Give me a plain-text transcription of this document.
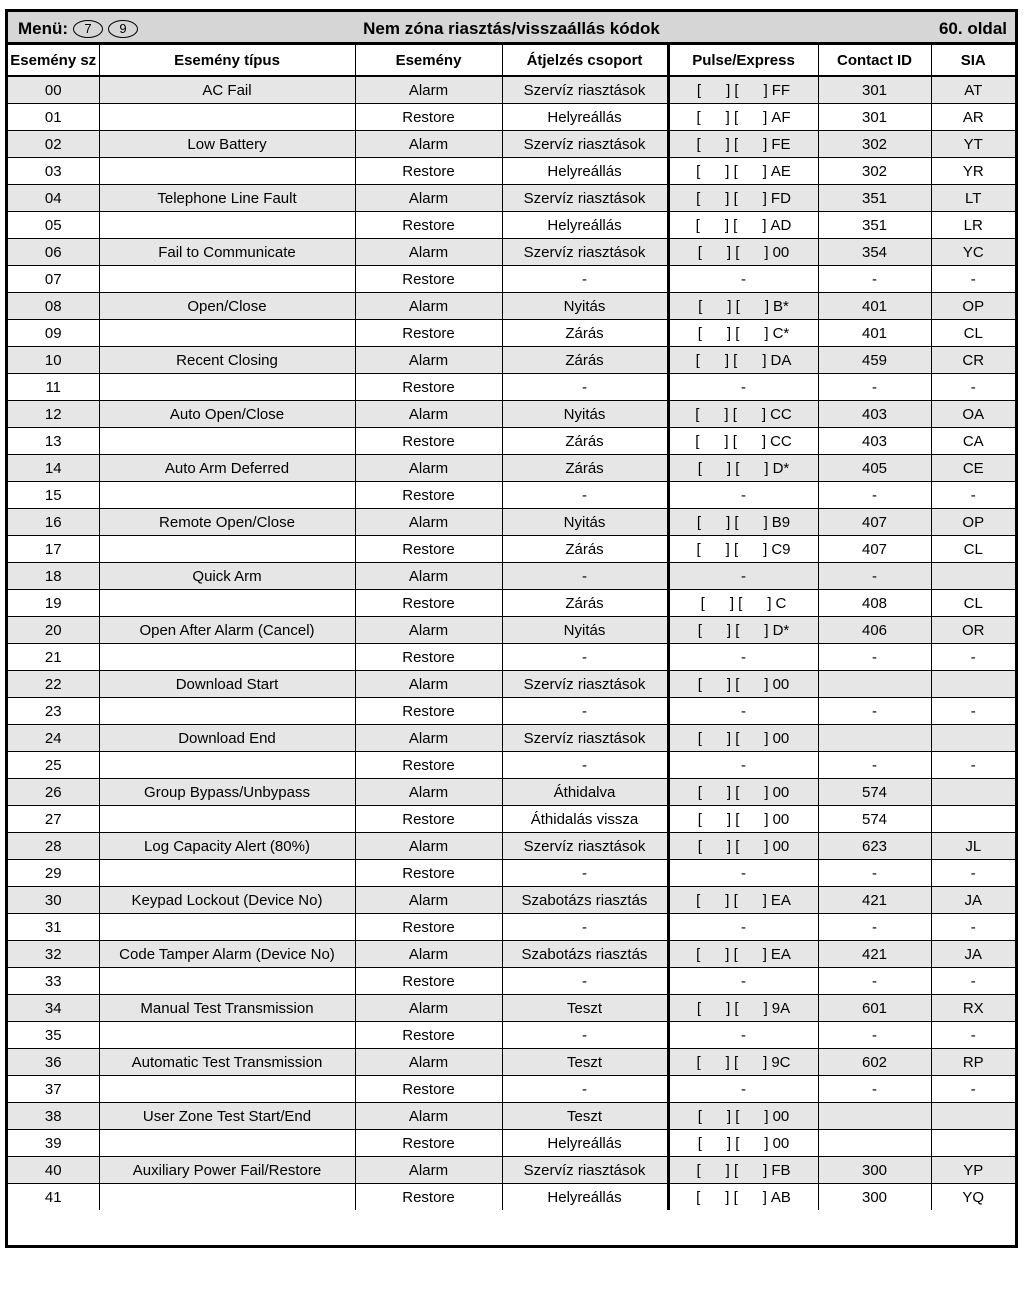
Menü:	7	9	Nem zóna riasztás/visszaállás kódok	60. oldal
Esemény sz	Esemény típus	Esemény	Átjelzés csoport	Pulse/Express	Contact ID	SIA
00	AC Fail	Alarm	Szervíz riasztások	[      ] [      ] FF	301	AT
01		Restore	Helyreállás	[      ] [      ] AF	301	AR
02	Low Battery	Alarm	Szervíz riasztások	[      ] [      ] FE	302	YT
03		Restore	Helyreállás	[      ] [      ] AE	302	YR
04	Telephone Line Fault	Alarm	Szervíz riasztások	[      ] [      ] FD	351	LT
05		Restore	Helyreállás	[      ] [      ] AD	351	LR
06	Fail to Communicate	Alarm	Szervíz riasztások	[      ] [      ] 00	354	YC
07		Restore	-	-	-	-
08	Open/Close	Alarm	Nyitás	[      ] [      ] B*	401	OP
09		Restore	Zárás	[      ] [      ] C*	401	CL
10	Recent Closing	Alarm	Zárás	[      ] [      ] DA	459	CR
11		Restore	-	-	-	-
12	Auto Open/Close	Alarm	Nyitás	[      ] [      ] CC	403	OA
13		Restore	Zárás	[      ] [      ] CC	403	CA
14	Auto Arm Deferred	Alarm	Zárás	[      ] [      ] D*	405	CE
15		Restore	-	-	-	-
16	Remote Open/Close	Alarm	Nyitás	[      ] [      ] B9	407	OP
17		Restore	Zárás	[      ] [      ] C9	407	CL
18	Quick Arm	Alarm	-	-	-	
19		Restore	Zárás	[      ] [      ] C	408	CL
20	Open After Alarm (Cancel)	Alarm	Nyitás	[      ] [      ] D*	406	OR
21		Restore	-	-	-	-
22	Download Start	Alarm	Szervíz riasztások	[      ] [      ] 00		
23		Restore	-	-	-	-
24	Download End	Alarm	Szervíz riasztások	[      ] [      ] 00		
25		Restore	-	-	-	-
26	Group Bypass/Unbypass	Alarm	Áthidalva	[      ] [      ] 00	574	
27		Restore	Áthidalás vissza	[      ] [      ] 00	574	
28	Log Capacity Alert (80%)	Alarm	Szervíz riasztások	[      ] [      ] 00	623	JL
29		Restore	-	-	-	-
30	Keypad Lockout (Device No)	Alarm	Szabotázs riasztás	[      ] [      ] EA	421	JA
31		Restore	-	-	-	-
32	Code Tamper Alarm (Device No)	Alarm	Szabotázs riasztás	[      ] [      ] EA	421	JA
33		Restore	-	-	-	-
34	Manual Test Transmission	Alarm	Teszt	[      ] [      ] 9A	601	RX
35		Restore	-	-	-	-
36	Automatic Test Transmission	Alarm	Teszt	[      ] [      ] 9C	602	RP
37		Restore	-	-	-	-
38	User Zone Test Start/End	Alarm	Teszt	[      ] [      ] 00		
39		Restore	Helyreállás	[      ] [      ] 00		
40	Auxiliary Power Fail/Restore	Alarm	Szervíz riasztások	[      ] [      ] FB	300	YP
41		Restore	Helyreállás	[      ] [      ] AB	300	YQ
